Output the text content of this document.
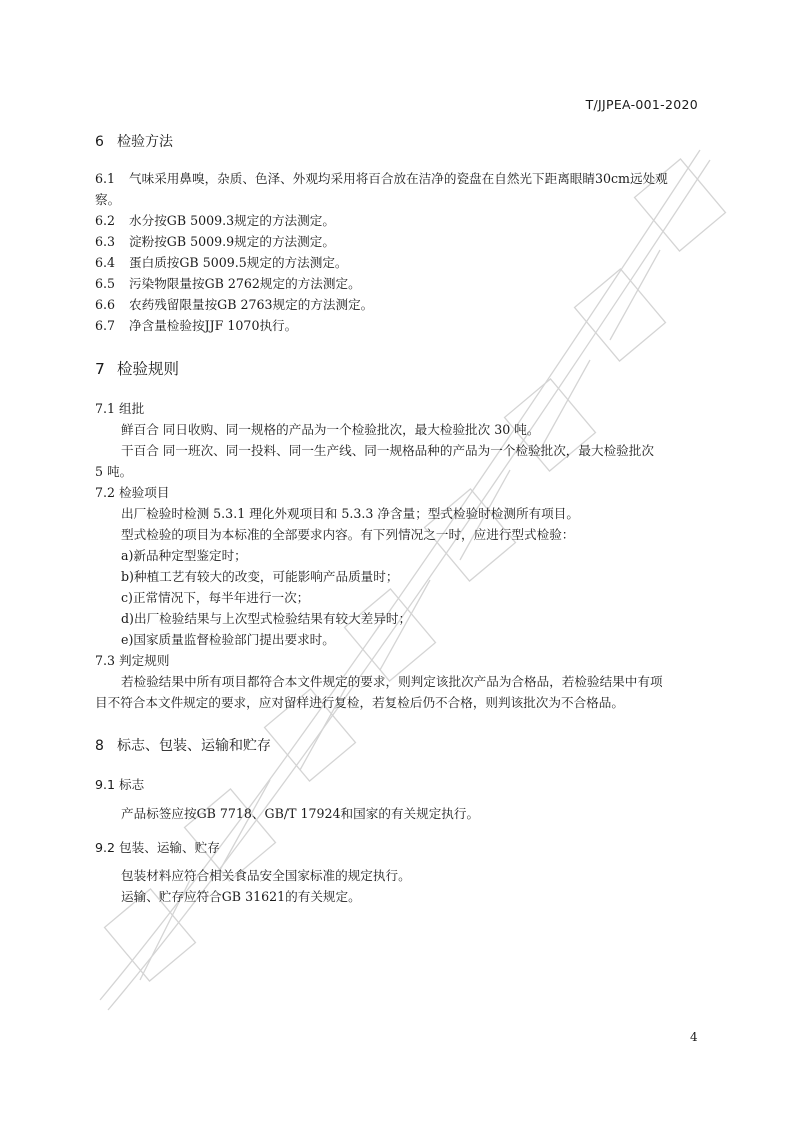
T/JJPEA-001-2020
6 检验方法
6.1 气味采用鼻嗅，杂质、色泽、外观均采用将百合放在洁净的瓷盘在自然光下距离眼睛30cm远处观
察。
6.2 水分按GB 5009.3规定的方法测定。
6.3 淀粉按GB 5009.9规定的方法测定。
6.4 蛋白质按GB 5009.5规定的方法测定。
6.5 污染物限量按GB 2762规定的方法测定。
6.6 农药残留限量按GB 2763规定的方法测定。
6.7 净含量检验按JJF 1070执行。
7 检验规则
7.1 组批
鲜百合 同日收购、同一规格的产品为一个检验批次，最大检验批次 30 吨。
干百合 同一班次、同一投料、同一生产线、同一规格品种的产品为一个检验批次，最大检验批次
5 吨。
7.2 检验项目
出厂检验时检测 5.3.1 理化外观项目和 5.3.3 净含量；型式检验时检测所有项目。
型式检验的项目为本标准的全部要求内容。有下列情况之一时，应进行型式检验：
a)新品种定型鉴定时；
b)种植工艺有较大的改变，可能影响产品质量时；
c)正常情况下，每半年进行一次；
d)出厂检验结果与上次型式检验结果有较大差异时；
e)国家质量监督检验部门提出要求时。
7.3 判定规则
若检验结果中所有项目都符合本文件规定的要求，则判定该批次产品为合格品，若检验结果中有项
目不符合本文件规定的要求，应对留样进行复检，若复检后仍不合格，则判该批次为不合格品。
8 标志、包装、运输和贮存
9.1 标志
产品标签应按GB 7718、GB/T 17924和国家的有关规定执行。
9.2 包装、运输、贮存
包装材料应符合相关食品安全国家标准的规定执行。
运输、贮存应符合GB 31621的有关规定。
4
